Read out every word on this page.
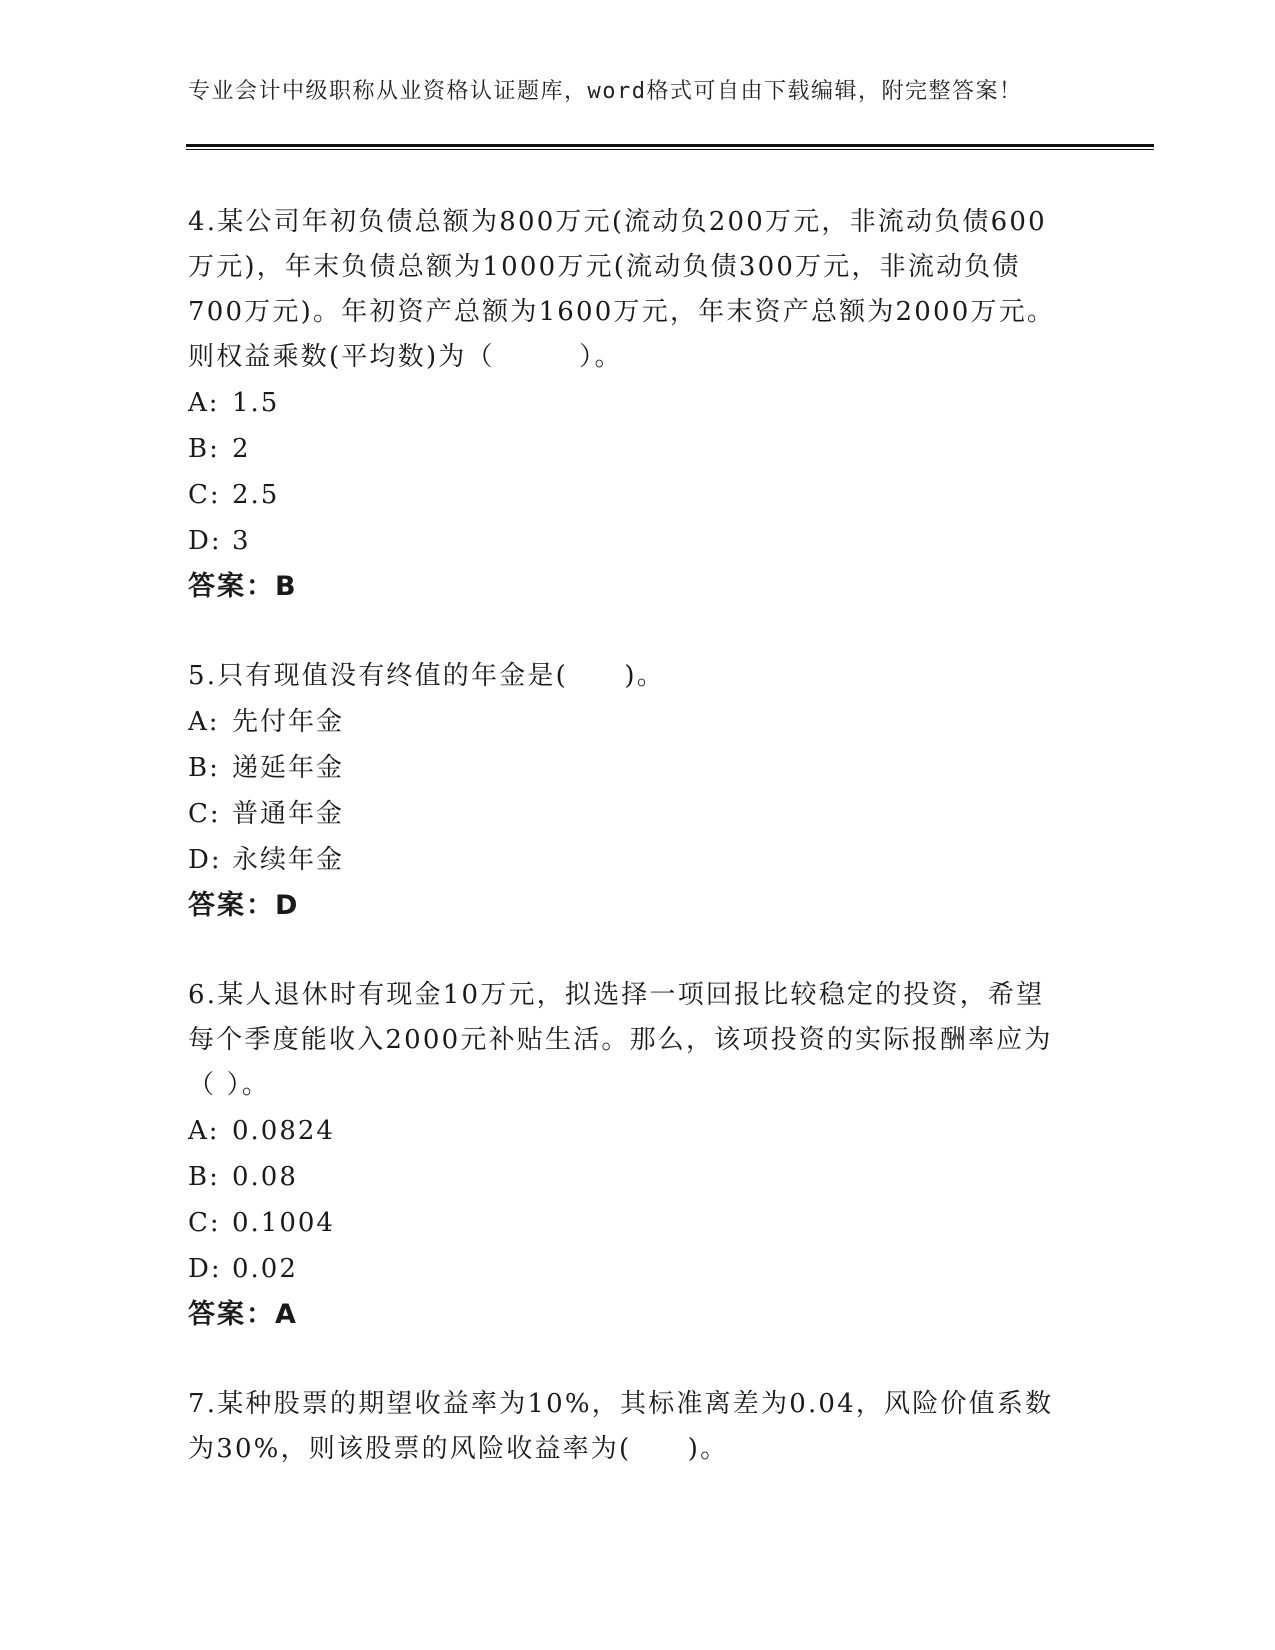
专业会计中级职称从业资格认证题库，word格式可自由下载编辑，附完整答案！
4.某公司年初负债总额为800万元(流动负200万元，非流动负债600
万元)，年末负债总额为1000万元(流动负债300万元，非流动负债
700万元)。年初资产总额为1600万元，年末资产总额为2000万元。
则权益乘数(平均数)为（　　　）。
A: 1.5
B: 2
C: 2.5
D: 3
答案：B
5.只有现值没有终值的年金是(　　)。
A: 先付年金
B: 递延年金
C: 普通年金
D: 永续年金
答案：D
6.某人退休时有现金10万元，拟选择一项回报比较稳定的投资，希望
每个季度能收入2000元补贴生活。那么，该项投资的实际报酬率应为
（ ）。
A: 0.0824
B: 0.08
C: 0.1004
D: 0.02
答案：A
7.某种股票的期望收益率为10%，其标准离差为0.04，风险价值系数
为30%，则该股票的风险收益率为(　　)。
